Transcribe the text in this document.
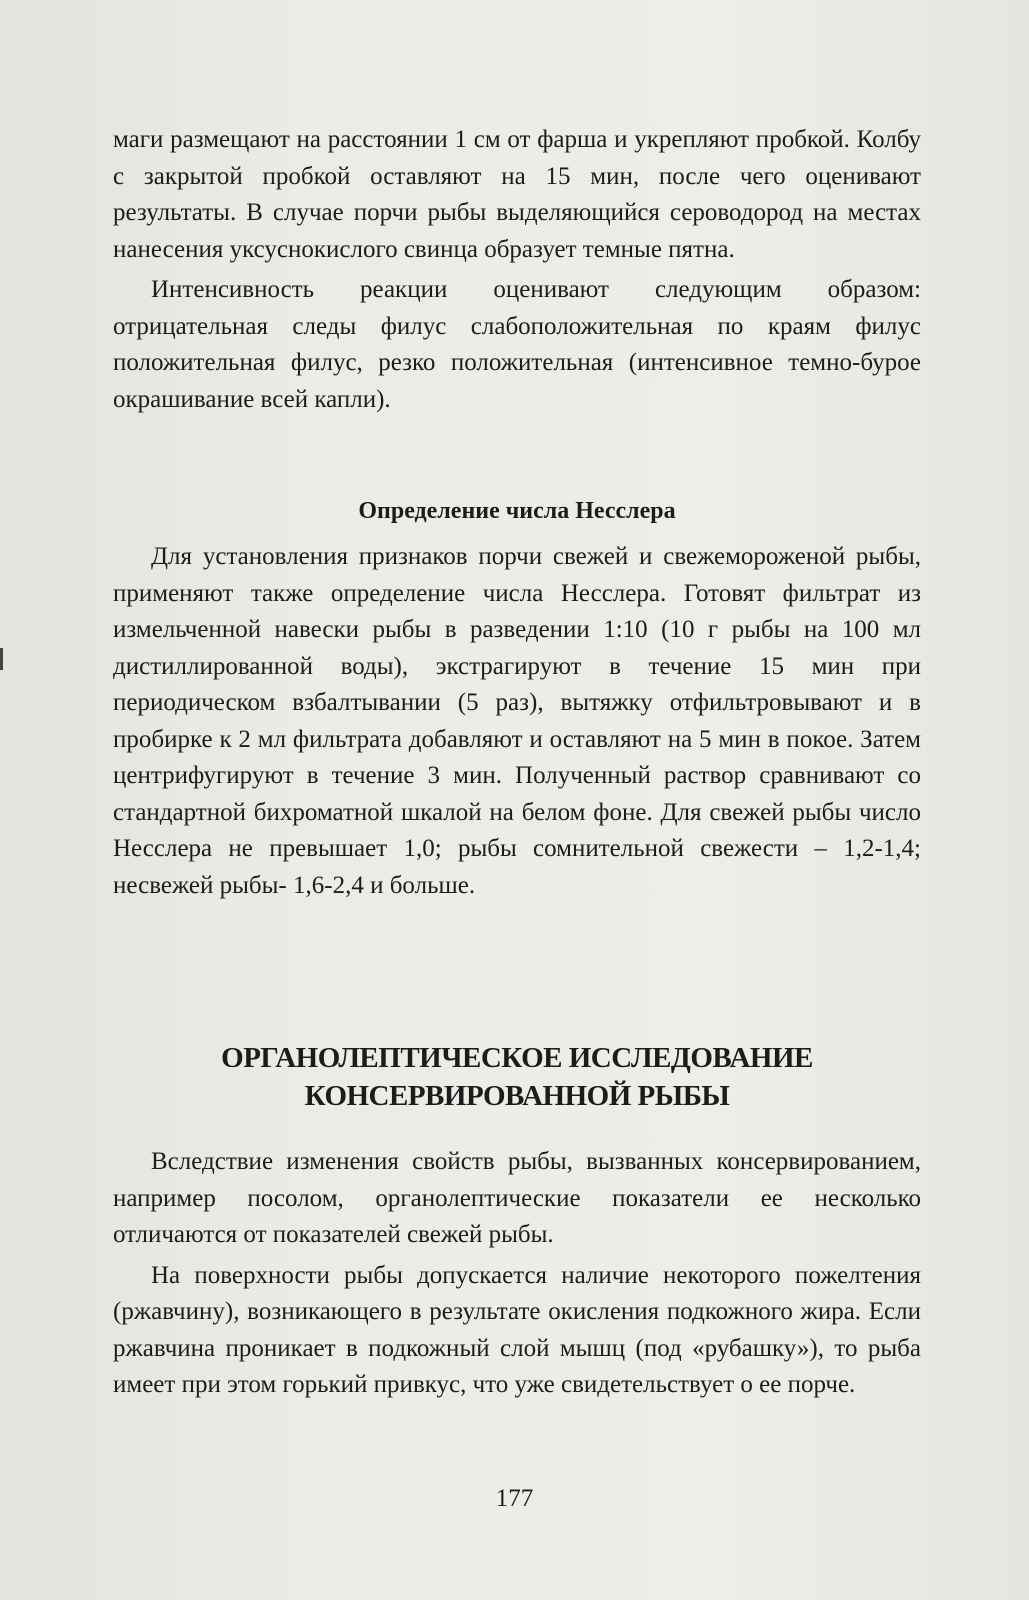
маги размещают на расстоянии 1 см от фарша и укрепляют пробкой. Колбу с закрытой пробкой оставляют на 15 мин, после чего оценивают результаты. В случае порчи рыбы выделяющийся сероводород на местах нанесения уксуснокислого свинца образует темные пятна.

Интенсивность реакции оценивают следующим образом: отрицательная следы филус слабоположительная по краям филус положительная филус, резко положительная (интенсивное темно-бурое окрашивание всей капли).

Определение числа Несслера

Для установления признаков порчи свежей и свежемороженой рыбы, применяют также определение числа Несслера. Готовят фильтрат из измельченной навески рыбы в разведении 1:10 (10 г рыбы на 100 мл дистиллированной воды), экстрагируют в течение 15 мин при периодическом взбалтывании (5 раз), вытяжку отфильтровывают и в пробирке к 2 мл фильтрата добавляют и оставляют на 5 мин в покое. Затем центрифугируют в течение 3 мин. Полученный раствор сравнивают со стандартной бихроматной шкалой на белом фоне. Для свежей рыбы число Несслера не превышает 1,0; рыбы сомнительной свежести – 1,2-1,4; несвежей рыбы- 1,6-2,4 и больше.

ОРГАНОЛЕПТИЧЕСКОЕ ИССЛЕДОВАНИЕ
КОНСЕРВИРОВАННОЙ РЫБЫ

Вследствие изменения свойств рыбы, вызванных консервированием, например посолом, органолептические показатели ее несколько отличаются от показателей свежей рыбы.

На поверхности рыбы допускается наличие некоторого пожелтения (ржавчину), возникающего в результате окисления подкожного жира. Если ржавчина проникает в подкожный слой мышц (под «рубашку»), то рыба имеет при этом горький привкус, что уже свидетельствует о ее порче.

177
